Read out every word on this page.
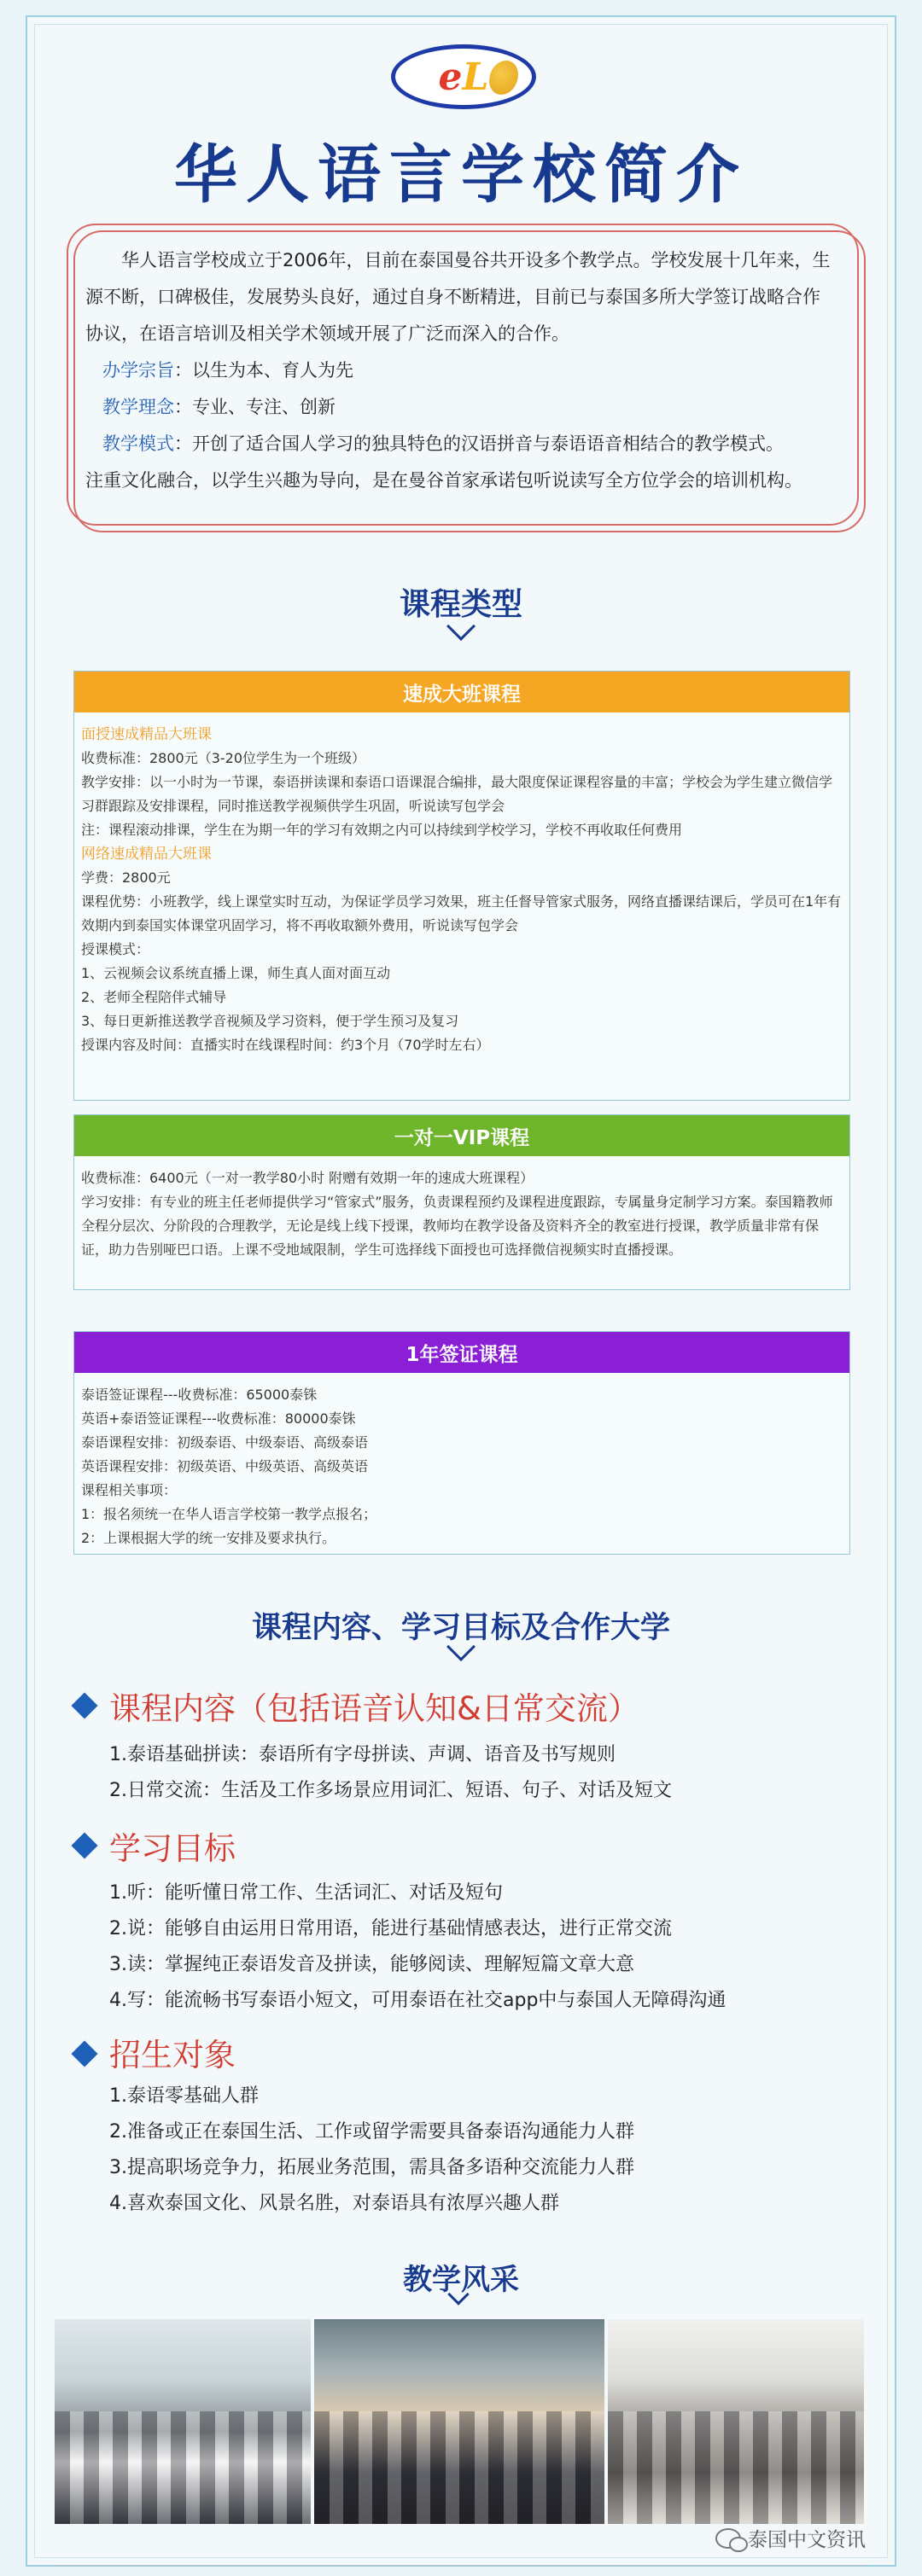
eL
华人语言学校简介

华人语言学校成立于2006年，目前在泰国曼谷共开设多个教学点。学校发展十几年来，生源不断，口碑极佳，发展势头良好，通过自身不断精进，目前已与泰国多所大学签订战略合作协议，在语言培训及相关学术领域开展了广泛而深入的合作。

办学宗旨：以生为本、育人为先

教学理念：专业、专注、创新

教学模式：开创了适合国人学习的独具特色的汉语拼音与泰语语音相结合的教学模式。

注重文化融合，以学生兴趣为导向，是在曼谷首家承诺包听说读写全方位学会的培训机构。

课程类型
速成大班课程

面授速成精品大班课

收费标准：2800元（3-20位学生为一个班级）

教学安排：以一小时为一节课，泰语拼读课和泰语口语课混合编排，最大限度保证课程容量的丰富；学校会为学生建立微信学习群跟踪及安排课程，同时推送教学视频供学生巩固，听说读写包学会

注：课程滚动排课，学生在为期一年的学习有效期之内可以持续到学校学习，学校不再收取任何费用

网络速成精品大班课

学费：2800元

课程优势：小班教学，线上课堂实时互动，为保证学员学习效果，班主任督导管家式服务，网络直播课结课后，学员可在1年有效期内到泰国实体课堂巩固学习，将不再收取额外费用，听说读写包学会

授课模式：

1、云视频会议系统直播上课，师生真人面对面互动

2、老师全程陪伴式辅导

3、每日更新推送教学音视频及学习资料，便于学生预习及复习

授课内容及时间：直播实时在线课程时间：约3个月（70学时左右）

一对一VIP课程

收费标准：6400元（一对一教学80小时 附赠有效期一年的速成大班课程）

学习安排：有专业的班主任老师提供学习“管家式”服务，负责课程预约及课程进度跟踪，专属量身定制学习方案。泰国籍教师全程分层次、分阶段的合理教学，无论是线上线下授课，教师均在教学设备及资料齐全的教室进行授课，教学质量非常有保证，助力告别哑巴口语。上课不受地域限制，学生可选择线下面授也可选择微信视频实时直播授课。

1年签证课程

泰语签证课程---收费标准：65000泰铢

英语+泰语签证课程---收费标准：80000泰铢

泰语课程安排：初级泰语、中级泰语、高级泰语

英语课程安排：初级英语、中级英语、高级英语

课程相关事项：

1：报名须统一在华人语言学校第一教学点报名；

2：上课根据大学的统一安排及要求执行。

课程内容、学习目标及合作大学
课程内容（包括语音认知&日常交流）

1.泰语基础拼读：泰语所有字母拼读、声调、语音及书写规则

2.日常交流：生活及工作多场景应用词汇、短语、句子、对话及短文

学习目标

1.听：能听懂日常工作、生活词汇、对话及短句

2.说：能够自由运用日常用语，能进行基础情感表达，进行正常交流

3.读：掌握纯正泰语发音及拼读，能够阅读、理解短篇文章大意

4.写：能流畅书写泰语小短文，可用泰语在社交app中与泰国人无障碍沟通

招生对象

1.泰语零基础人群

2.准备或正在泰国生活、工作或留学需要具备泰语沟通能力人群

3.提高职场竞争力，拓展业务范围，需具备多语种交流能力人群

4.喜欢泰国文化、风景名胜，对泰语具有浓厚兴趣人群

教学风采
泰国中文资讯
